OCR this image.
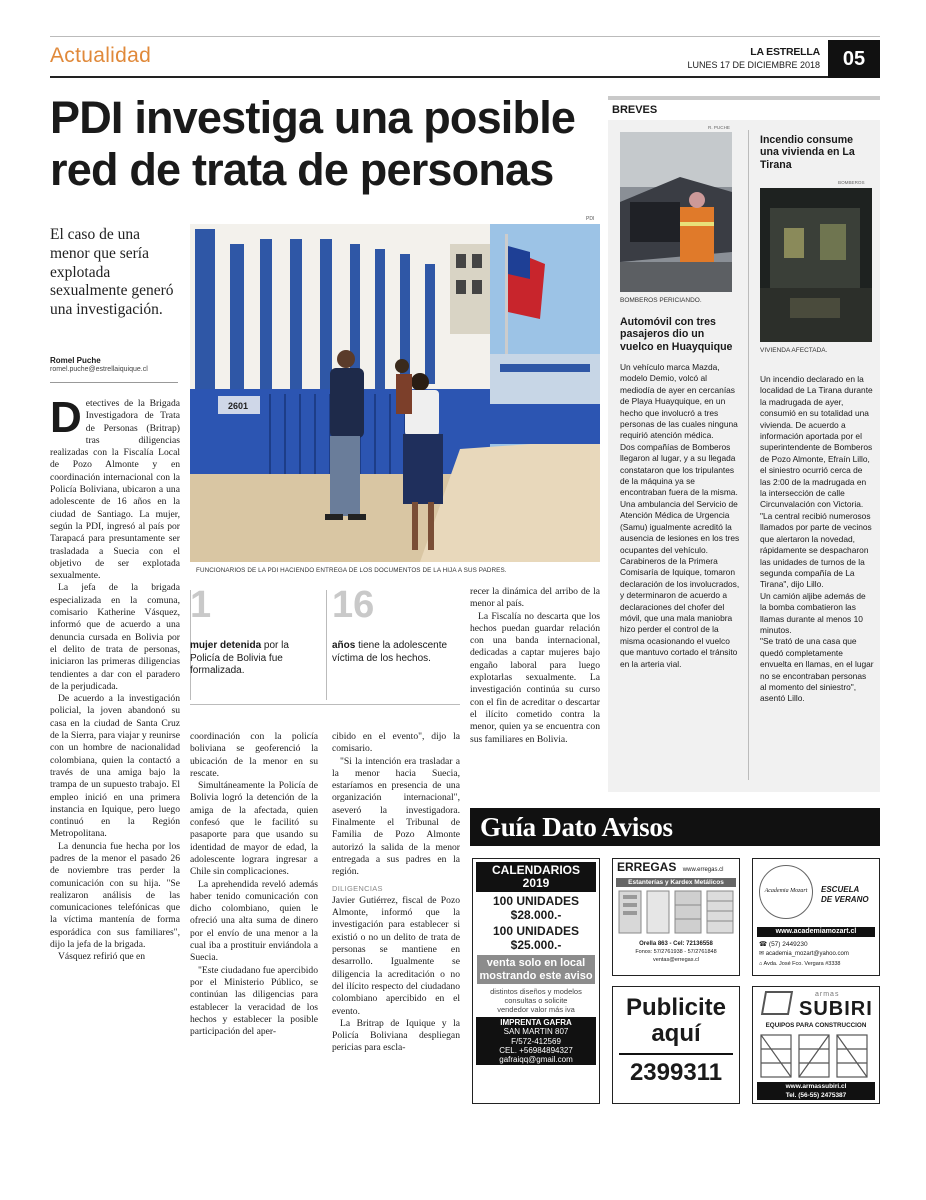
Actualidad	LA ESTRELLA
LUNES 17 DE DICIEMBRE 2018	05
PDI investiga una posible
red de trata de personas
El caso de una menor que sería explotada sexualmente generó una investigación.
Romel Puche
romel.puche@estrellaiquique.cl
PDI
2601
FUNCIONARIOS DE LA PDI HACIENDO ENTREGA DE LOS DOCUMENTOS DE LA HIJA A SUS PADRES.

Detectives de la Brigada Investigadora de Trata de Personas (Britrap) tras diligencias realizadas con la Fiscalía Local de Pozo Almonte y en coordinación internacional con la Policía Boliviana, ubicaron a una adolescente de 16 años en la ciudad de Santiago. La mujer, según la PDI, ingresó al país por Tarapacá para presuntamente ser trasladada a Suecia con el objetivo de ser explotada sexualmente.

La jefa de la brigada especializada en la comuna, comisario Katherine Vásquez, informó que de acuerdo a una denuncia cursada en Bolivia por el delito de trata de personas, iniciaron las primeras diligencias tendientes a dar con el paradero de la perjudicada.

De acuerdo a la investigación policial, la joven abandonó su casa en la ciudad de Santa Cruz de la Sierra, para viajar y reunirse con un hombre de nacionalidad colombiana, quien la contactó a través de una amiga bajo la trampa de un supuesto trabajo. El empleo inició en una primera instancia en Iquique, pero luego continuó en la Región Metropolitana.

La denuncia fue hecha por los padres de la menor el pasado 26 de noviembre tras perder la comunicación con su hija. "Se realizaron análisis de las comunicaciones telefónicas que la víctima mantenía de forma esporádica con sus familiares", dijo la jefa de la brigada.

Vásquez refirió que en

1
mujer detenida por la Policía de Bolivia fue formalizada.
16
años tiene la adolescente víctima de los hechos.

recer la dinámica del arribo de la menor al país.

La Fiscalía no descarta que los hechos puedan guardar relación con una banda internacional, dedicadas a captar mujeres bajo engaño laboral para luego explotarlas sexualmente. La investigación continúa su curso con el fin de acreditar o descartar el ilícito cometido contra la menor, quien ya se encuentra con sus familiares en Bolivia.

coordinación con la policía boliviana se geoferenció la ubicación de la menor en su rescate.

Simultáneamente la Policía de Bolivia logró la detención de la amiga de la afectada, quien confesó que le facilitó su pasaporte para que usando su identidad de mayor de edad, la adolescente lograra ingresar a Chile sin complicaciones.

La aprehendida reveló además haber tenido comunicación con dicho colombiano, quien le ofreció una alta suma de dinero por el envío de una menor a la cual iba a prostituir enviándola a Suecia.

"Este ciudadano fue apercibido por el Ministerio Público, se continúan las diligencias para establecer la veracidad de los hechos y establecer la posible participación del aper-

cibido en el evento", dijo la comisario.

"Si la intención era trasladar a la menor hacia Suecia, estaríamos en presencia de una organización internacional", aseveró la investigadora. Finalmente el Tribunal de Familia de Pozo Almonte autorizó la salida de la menor entregada a sus padres en la región.

DILIGENCIAS

Javier Gutiérrez, fiscal de Pozo Almonte, informó que la investigación para establecer si existió o no un delito de trata de personas se mantiene en desarrollo. Igualmente se diligencia la acreditación o no del ilícito respecto del ciudadano colombiano apercibido en el evento.

La Britrap de Iquique y la Policía Boliviana despliegan pericias para escla-

BREVES
R. PUCHE
BOMBEROS PERICIANDO.
Automóvil con tres pasajeros dio un vuelco en Huayquique

Un vehículo marca Mazda, modelo Demio, volcó al mediodía de ayer en cercanías de Playa Huayquique, en un hecho que involucró a tres personas de las cuales ninguna requirió atención médica.

Dos compañías de Bomberos llegaron al lugar, y a su llegada constataron que los tripulantes de la máquina ya se encontraban fuera de la misma. Una ambulancia del Servicio de Atención Médica de Urgencia (Samu) igualmente acreditó la ausencia de lesiones en los tres ocupantes del vehículo. Carabineros de la Primera Comisaría de Iquique, tomaron declaración de los involucrados, y determinaron de acuerdo a declaraciones del chofer del móvil, que una mala maniobra hizo perder el control de la misma ocasionando el vuelco que mantuvo cortado el tránsito en la arteria vial.

Incendio consume una vivienda en La Tirana
BOMBEROS
VIVIENDA AFECTADA.

Un incendio declarado en la localidad de La Tirana durante la madrugada de ayer, consumió en su totalidad una vivienda. De acuerdo a información aportada por el superintendente de Bomberos de Pozo Almonte, Efraín Lillo, el siniestro ocurrió cerca de las 2:00 de la madrugada en la intersección de calle Circunvalación con Victoria.

"La central recibió numerosos llamados por parte de vecinos que alertaron la novedad, rápidamente se despacharon las unidades de turnos de la segunda compañía de La Tirana", dijo Lillo.

Un camión aljibe además de la bomba combatieron las llamas durante al menos 10 minutos.

"Se trató de una casa que quedó completamente envuelta en llamas, en el lugar no se encontraban personas al momento del siniestro", asentó Lillo.

Guía Dato Avisos
CALENDARIOS
2019
100 UNIDADES
$28.000.-
100 UNIDADES
$25.000.-
venta solo en local mostrando este aviso
distintos diseños y modelos
consultas o solicite
vendedor valor más iva
IMPRENTA GAFRA
SAN MARTIN 807
F/572-412569
CEL. +56984894327
gafraiqq@gmail.com
ERREGAS www.erregas.cl
Estanterías y Kardex Metálicos
Orella 863 - Cel: 72136558
Fonos: 57/2761938 - 57/2761848
ventas@erregas.cl
Publicite
aquí
2399311
Academia Mozart	ESCUELA
DE VERANO
www.academiamozart.cl
☎ (57) 2449230
✉ academia_mozart@yahoo.com
⌂ Avda. José Fco. Vergara #3338
armas
SUBIRI
EQUIPOS PARA CONSTRUCCION
www.armassubiri.cl
Tel. (56-55) 2475387
